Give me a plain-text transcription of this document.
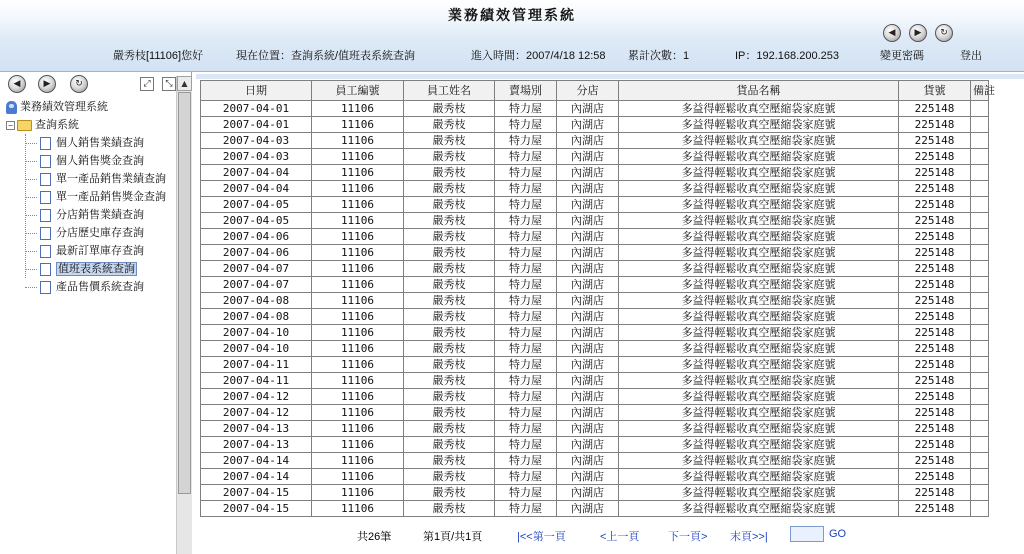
業務績效管理系統
◀	▶	↻
嚴秀枝[11106]您好	現在位置：查詢系統/值班表系統查詢	進入時間：2007/4/18 12:58 累計次數：1	IP：192.168.200.253	變更密碼	登出
◀	▶	↻	⤢	⤡
業務績效管理系統
− 查詢系統
個人銷售業績查詢
個人銷售獎金查詢
單一產品銷售業績查詢
單一產品銷售獎金查詢
分店銷售業績查詢
分店歷史庫存查詢
最新訂單庫存查詢
值班表系統查詢
產品售價系統查詢
▲
日期	員工編號	員工姓名	賣場別	分店	貨品名稱	貨號	備註
2007-04-01	11106	嚴秀枝	特力屋	內湖店	多益得輕鬆收真空壓縮袋家庭號	225148	
2007-04-01	11106	嚴秀枝	特力屋	內湖店	多益得輕鬆收真空壓縮袋家庭號	225148	
2007-04-03	11106	嚴秀枝	特力屋	內湖店	多益得輕鬆收真空壓縮袋家庭號	225148	
2007-04-03	11106	嚴秀枝	特力屋	內湖店	多益得輕鬆收真空壓縮袋家庭號	225148	
2007-04-04	11106	嚴秀枝	特力屋	內湖店	多益得輕鬆收真空壓縮袋家庭號	225148	
2007-04-04	11106	嚴秀枝	特力屋	內湖店	多益得輕鬆收真空壓縮袋家庭號	225148	
2007-04-05	11106	嚴秀枝	特力屋	內湖店	多益得輕鬆收真空壓縮袋家庭號	225148	
2007-04-05	11106	嚴秀枝	特力屋	內湖店	多益得輕鬆收真空壓縮袋家庭號	225148	
2007-04-06	11106	嚴秀枝	特力屋	內湖店	多益得輕鬆收真空壓縮袋家庭號	225148	
2007-04-06	11106	嚴秀枝	特力屋	內湖店	多益得輕鬆收真空壓縮袋家庭號	225148	
2007-04-07	11106	嚴秀枝	特力屋	內湖店	多益得輕鬆收真空壓縮袋家庭號	225148	
2007-04-07	11106	嚴秀枝	特力屋	內湖店	多益得輕鬆收真空壓縮袋家庭號	225148	
2007-04-08	11106	嚴秀枝	特力屋	內湖店	多益得輕鬆收真空壓縮袋家庭號	225148	
2007-04-08	11106	嚴秀枝	特力屋	內湖店	多益得輕鬆收真空壓縮袋家庭號	225148	
2007-04-10	11106	嚴秀枝	特力屋	內湖店	多益得輕鬆收真空壓縮袋家庭號	225148	
2007-04-10	11106	嚴秀枝	特力屋	內湖店	多益得輕鬆收真空壓縮袋家庭號	225148	
2007-04-11	11106	嚴秀枝	特力屋	內湖店	多益得輕鬆收真空壓縮袋家庭號	225148	
2007-04-11	11106	嚴秀枝	特力屋	內湖店	多益得輕鬆收真空壓縮袋家庭號	225148	
2007-04-12	11106	嚴秀枝	特力屋	內湖店	多益得輕鬆收真空壓縮袋家庭號	225148	
2007-04-12	11106	嚴秀枝	特力屋	內湖店	多益得輕鬆收真空壓縮袋家庭號	225148	
2007-04-13	11106	嚴秀枝	特力屋	內湖店	多益得輕鬆收真空壓縮袋家庭號	225148	
2007-04-13	11106	嚴秀枝	特力屋	內湖店	多益得輕鬆收真空壓縮袋家庭號	225148	
2007-04-14	11106	嚴秀枝	特力屋	內湖店	多益得輕鬆收真空壓縮袋家庭號	225148	
2007-04-14	11106	嚴秀枝	特力屋	內湖店	多益得輕鬆收真空壓縮袋家庭號	225148	
2007-04-15	11106	嚴秀枝	特力屋	內湖店	多益得輕鬆收真空壓縮袋家庭號	225148	
2007-04-15	11106	嚴秀枝	特力屋	內湖店	多益得輕鬆收真空壓縮袋家庭號	225148	
共26筆	第1頁/共1頁	|<<第一頁	<上一頁	下一頁> 末頁>>|	GO
